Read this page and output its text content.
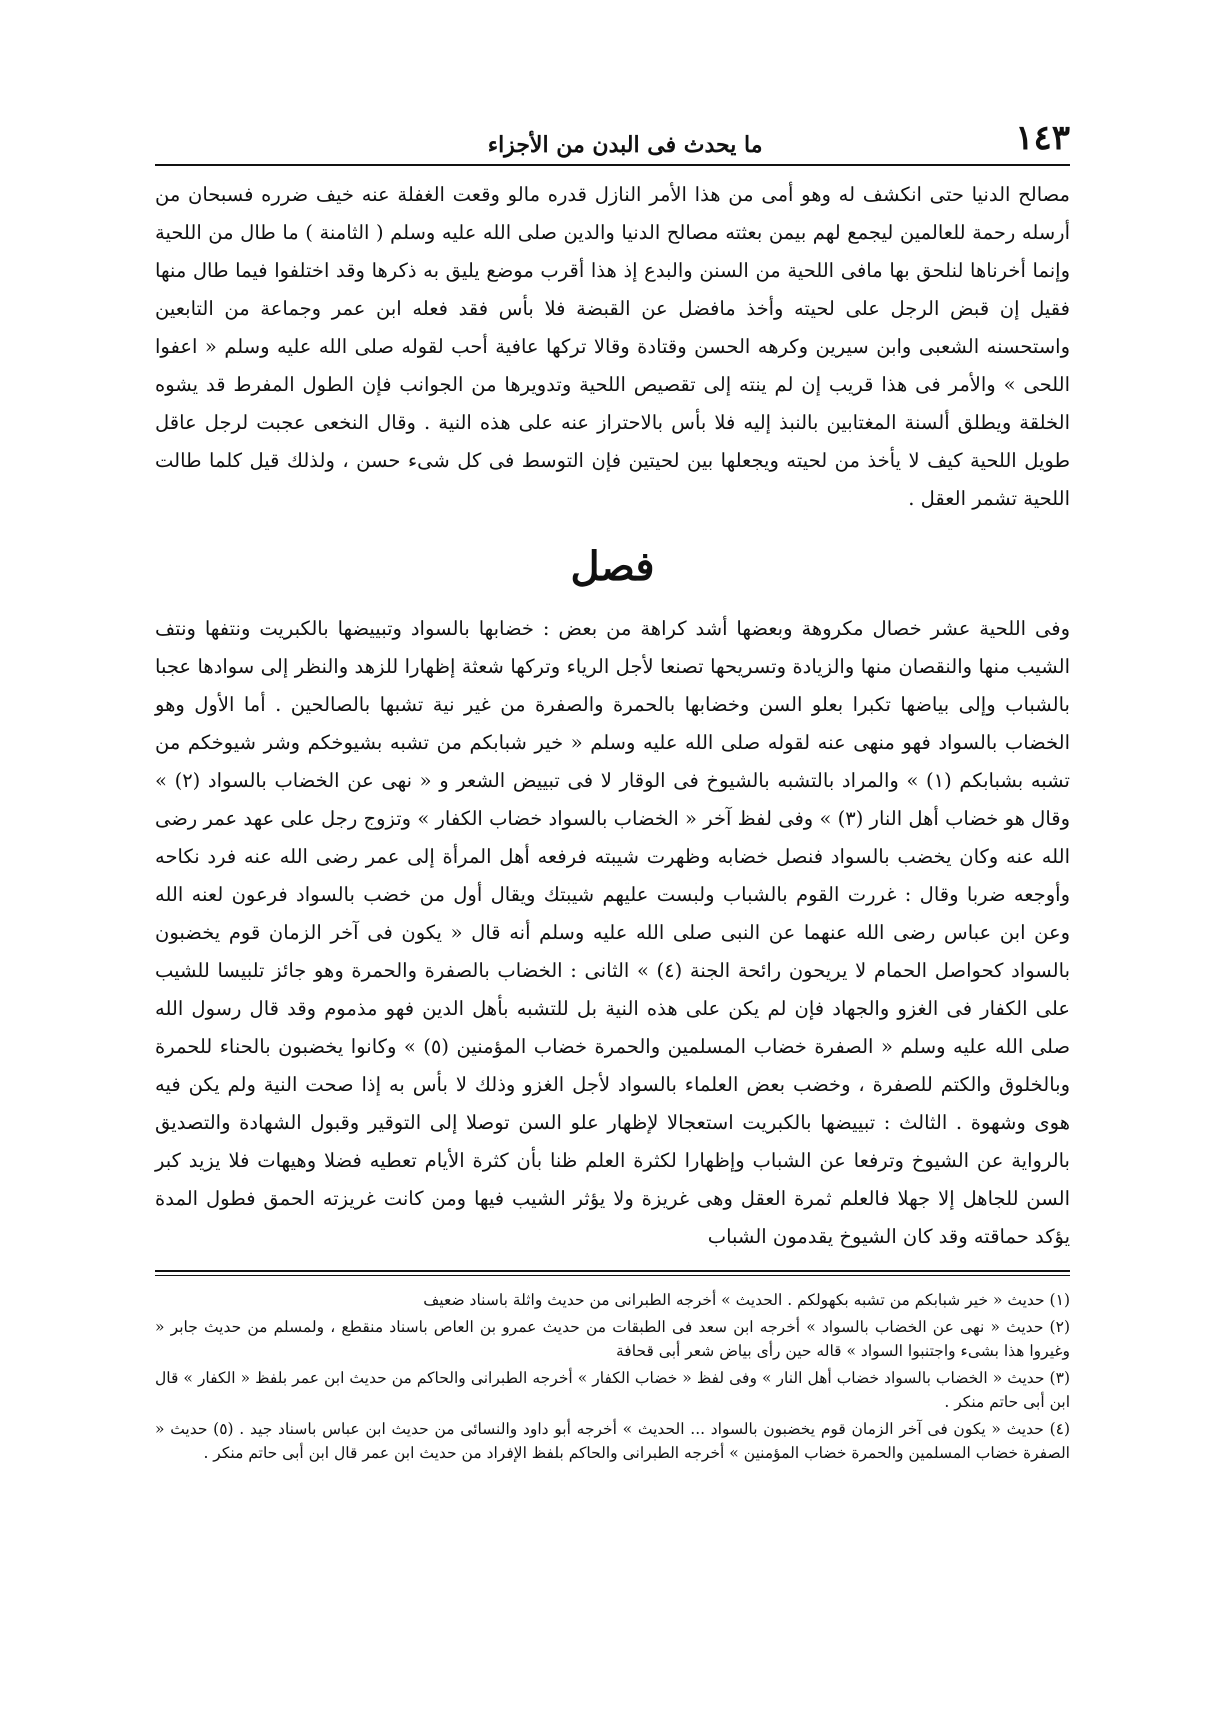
١٤٣
ما يحدث فى البدن من الأجزاء

مصالح الدنيا حتى انكشف له وهو أمى من هذا الأمر النازل قدره مالو وقعت الغفلة عنه خيف ضرره فسبحان من أرسله رحمة للعالمين ليجمع لهم بيمن بعثته مصالح الدنيا والدين صلى الله عليه وسلم ( الثامنة ) ما طال من اللحية وإنما أخرناها لنلحق بها مافى اللحية من السنن والبدع إذ هذا أقرب موضع يليق به ذكرها وقد اختلفوا فيما طال منها فقيل إن قبض الرجل على لحيته وأخذ مافضل عن القبضة فلا بأس فقد فعله ابن عمر وجماعة من التابعين واستحسنه الشعبى وابن سيرين وكرهه الحسن وقتادة وقالا تركها عافية أحب لقوله صلى الله عليه وسلم « اعفوا اللحى » والأمر فى هذا قريب إن لم ينته إلى تقصيص اللحية وتدويرها من الجوانب فإن الطول المفرط قد يشوه الخلقة ويطلق ألسنة المغتابين بالنبذ إليه فلا بأس بالاحتراز عنه على هذه النية . وقال النخعى عجبت لرجل عاقل طويل اللحية كيف لا يأخذ من لحيته ويجعلها بين لحيتين فإن التوسط فى كل شىء حسن ، ولذلك قيل كلما طالت اللحية تشمر العقل .

فصل

وفى اللحية عشر خصال مكروهة وبعضها أشد كراهة من بعض : خضابها بالسواد وتبييضها بالكبريت ونتفها ونتف الشيب منها والنقصان منها والزيادة وتسريحها تصنعا لأجل الرياء وتركها شعثة إظهارا للزهد والنظر إلى سوادها عجبا بالشباب وإلى بياضها تكبرا بعلو السن وخضابها بالحمرة والصفرة من غير نية تشبها بالصالحين . أما الأول وهو الخضاب بالسواد فهو منهى عنه لقوله صلى الله عليه وسلم « خير شبابكم من تشبه بشيوخكم وشر شيوخكم من تشبه بشبابكم (١) » والمراد بالتشبه بالشيوخ فى الوقار لا فى تبييض الشعر و « نهى عن الخضاب بالسواد (٢) » وقال هو خضاب أهل النار (٣) » وفى لفظ آخر « الخضاب بالسواد خضاب الكفار » وتزوج رجل على عهد عمر رضى الله عنه وكان يخضب بالسواد فنصل خضابه وظهرت شيبته فرفعه أهل المرأة إلى عمر رضى الله عنه فرد نكاحه وأوجعه ضربا وقال : غررت القوم بالشباب ولبست عليهم شيبتك ويقال أول من خضب بالسواد فرعون لعنه الله وعن ابن عباس رضى الله عنهما عن النبى صلى الله عليه وسلم أنه قال « يكون فى آخر الزمان قوم يخضبون بالسواد كحواصل الحمام لا يريحون رائحة الجنة (٤) » الثانى : الخضاب بالصفرة والحمرة وهو جائز تلبيسا للشيب على الكفار فى الغزو والجهاد فإن لم يكن على هذه النية بل للتشبه بأهل الدين فهو مذموم وقد قال رسول الله صلى الله عليه وسلم « الصفرة خضاب المسلمين والحمرة خضاب المؤمنين (٥) » وكانوا يخضبون بالحناء للحمرة وبالخلوق والكتم للصفرة ، وخضب بعض العلماء بالسواد لأجل الغزو وذلك لا بأس به إذا صحت النية ولم يكن فيه هوى وشهوة . الثالث : تبييضها بالكبريت استعجالا لإظهار علو السن توصلا إلى التوقير وقبول الشهادة والتصديق بالرواية عن الشيوخ وترفعا عن الشباب وإظهارا لكثرة العلم ظنا بأن كثرة الأيام تعطيه فضلا وهيهات فلا يزيد كبر السن للجاهل إلا جهلا فالعلم ثمرة العقل وهى غريزة ولا يؤثر الشيب فيها ومن كانت غريزته الحمق فطول المدة يؤكد حماقته وقد كان الشيوخ يقدمون الشباب

(١) حديث « خير شبابكم من تشبه بكهولكم . الحديث » أخرجه الطبرانى من حديث واثلة باسناد ضعيف

(٢) حديث « نهى عن الخضاب بالسواد » أخرجه ابن سعد فى الطبقات من حديث عمرو بن العاص باسناد منقطع ، ولمسلم من حديث جابر « وغيروا هذا بشىء واجتنبوا السواد » قاله حين رأى بياض شعر أبى قحافة

(٣) حديث « الخضاب بالسواد خضاب أهل النار » وفى لفظ « خضاب الكفار » أخرجه الطبرانى والحاكم من حديث ابن عمر بلفظ « الكفار » قال ابن أبى حاتم منكر .

(٤) حديث « يكون فى آخر الزمان قوم يخضبون بالسواد ... الحديث » أخرجه أبو داود والنسائى من حديث ابن عباس باسناد جيد . (٥) حديث « الصفرة خضاب المسلمين والحمرة خضاب المؤمنين » أخرجه الطبرانى والحاكم بلفظ الإفراد من حديث ابن عمر قال ابن أبى حاتم منكر .
